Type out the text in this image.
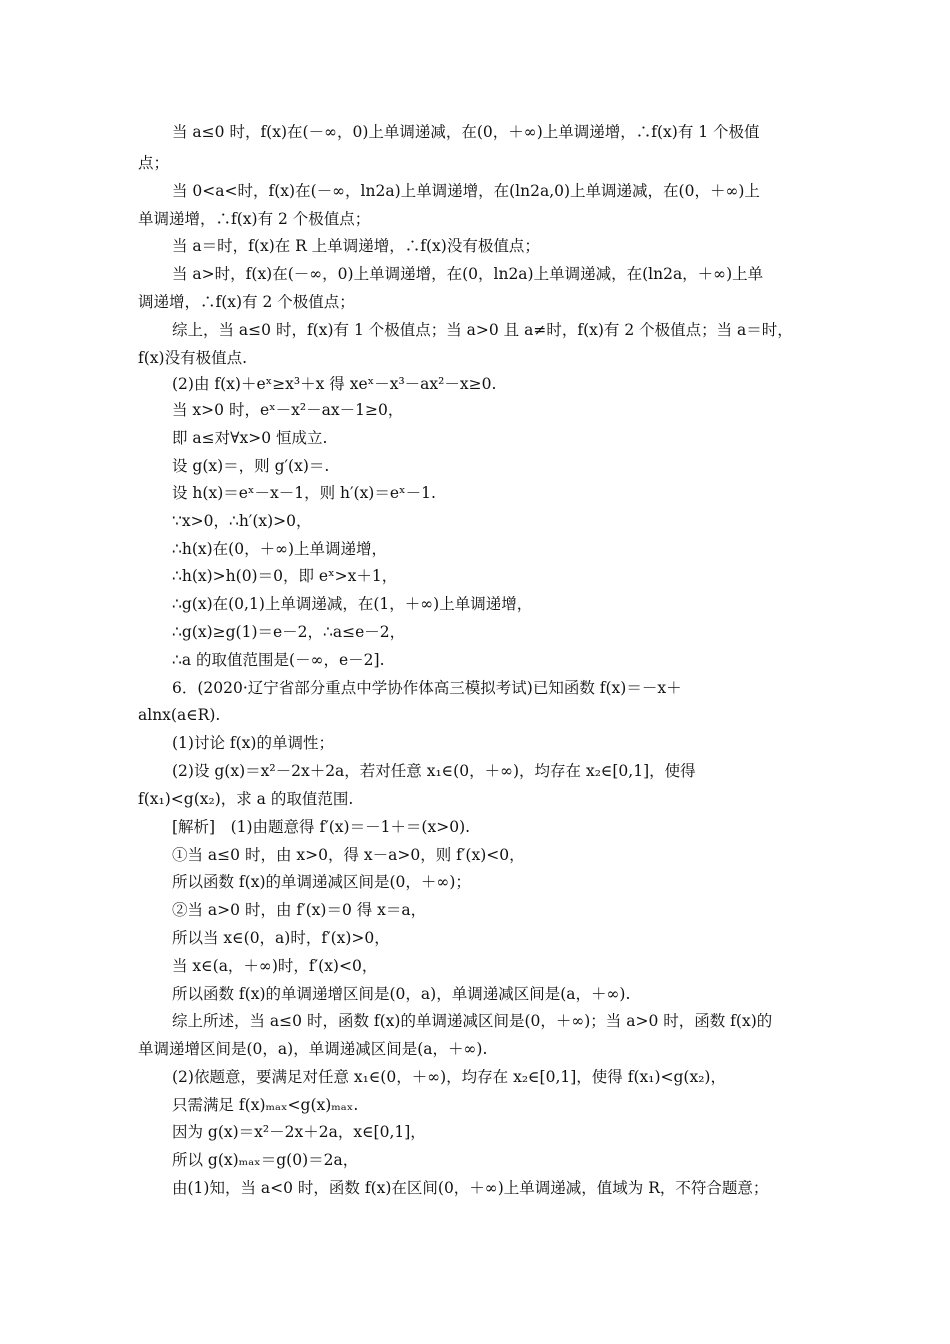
当 a≤0 时，f(x)在(－∞，0)上单调递减，在(0，＋∞)上单调递增，∴f(x)有 1 个极值
点；
当 0<a<时，f(x)在(－∞，ln2a)上单调递增，在(ln2a,0)上单调递减，在(0，＋∞)上
单调递增，∴f(x)有 2 个极值点；
当 a＝时，f(x)在 R 上单调递增，∴f(x)没有极值点；
当 a>时，f(x)在(－∞，0)上单调递增，在(0，ln2a)上单调递减，在(ln2a，＋∞)上单
调递增，∴f(x)有 2 个极值点；
综上，当 a≤0 时，f(x)有 1 个极值点；当 a>0 且 a≠时，f(x)有 2 个极值点；当 a＝时，
f(x)没有极值点.
(2)由 f(x)＋eˣ≥x³＋x 得 xeˣ－x³－ax²－x≥0.
当 x>0 时，eˣ－x²－ax－1≥0，
即 a≤对∀x>0 恒成立.
设 g(x)＝，则 g′(x)＝.
设 h(x)＝eˣ－x－1，则 h′(x)＝eˣ－1.
∵x>0，∴h′(x)>0，
∴h(x)在(0，＋∞)上单调递增，
∴h(x)>h(0)＝0，即 eˣ>x＋1，
∴g(x)在(0,1)上单调递减，在(1，＋∞)上单调递增，
∴g(x)≥g(1)＝e－2，∴a≤e－2，
∴a 的取值范围是(－∞，e－2].
6．(2020·辽宁省部分重点中学协作体高三模拟考试)已知函数 f(x)＝－x＋
alnx(a∈R).
(1)讨论 f(x)的单调性；
(2)设 g(x)＝x²－2x＋2a，若对任意 x₁∈(0，＋∞)，均存在 x₂∈[0,1]，使得
f(x₁)<g(x₂)，求 a 的取值范围.
[解析]　(1)由题意得 f′(x)＝－1＋＝(x>0).
①当 a≤0 时，由 x>0，得 x－a>0，则 f′(x)<0，
所以函数 f(x)的单调递减区间是(0，＋∞)；
②当 a>0 时，由 f′(x)＝0 得 x＝a，
所以当 x∈(0，a)时，f′(x)>0，
当 x∈(a，＋∞)时，f′(x)<0，
所以函数 f(x)的单调递增区间是(0，a)，单调递减区间是(a，＋∞).
综上所述，当 a≤0 时，函数 f(x)的单调递减区间是(0，＋∞)；当 a>0 时，函数 f(x)的
单调递增区间是(0，a)，单调递减区间是(a，＋∞).
(2)依题意，要满足对任意 x₁∈(0，＋∞)，均存在 x₂∈[0,1]，使得 f(x₁)<g(x₂)，
只需满足 f(x)ₘₐₓ<g(x)ₘₐₓ.
因为 g(x)＝x²－2x＋2a，x∈[0,1]，
所以 g(x)ₘₐₓ＝g(0)＝2a，
由(1)知，当 a<0 时，函数 f(x)在区间(0，＋∞)上单调递减，值域为 R，不符合题意；
